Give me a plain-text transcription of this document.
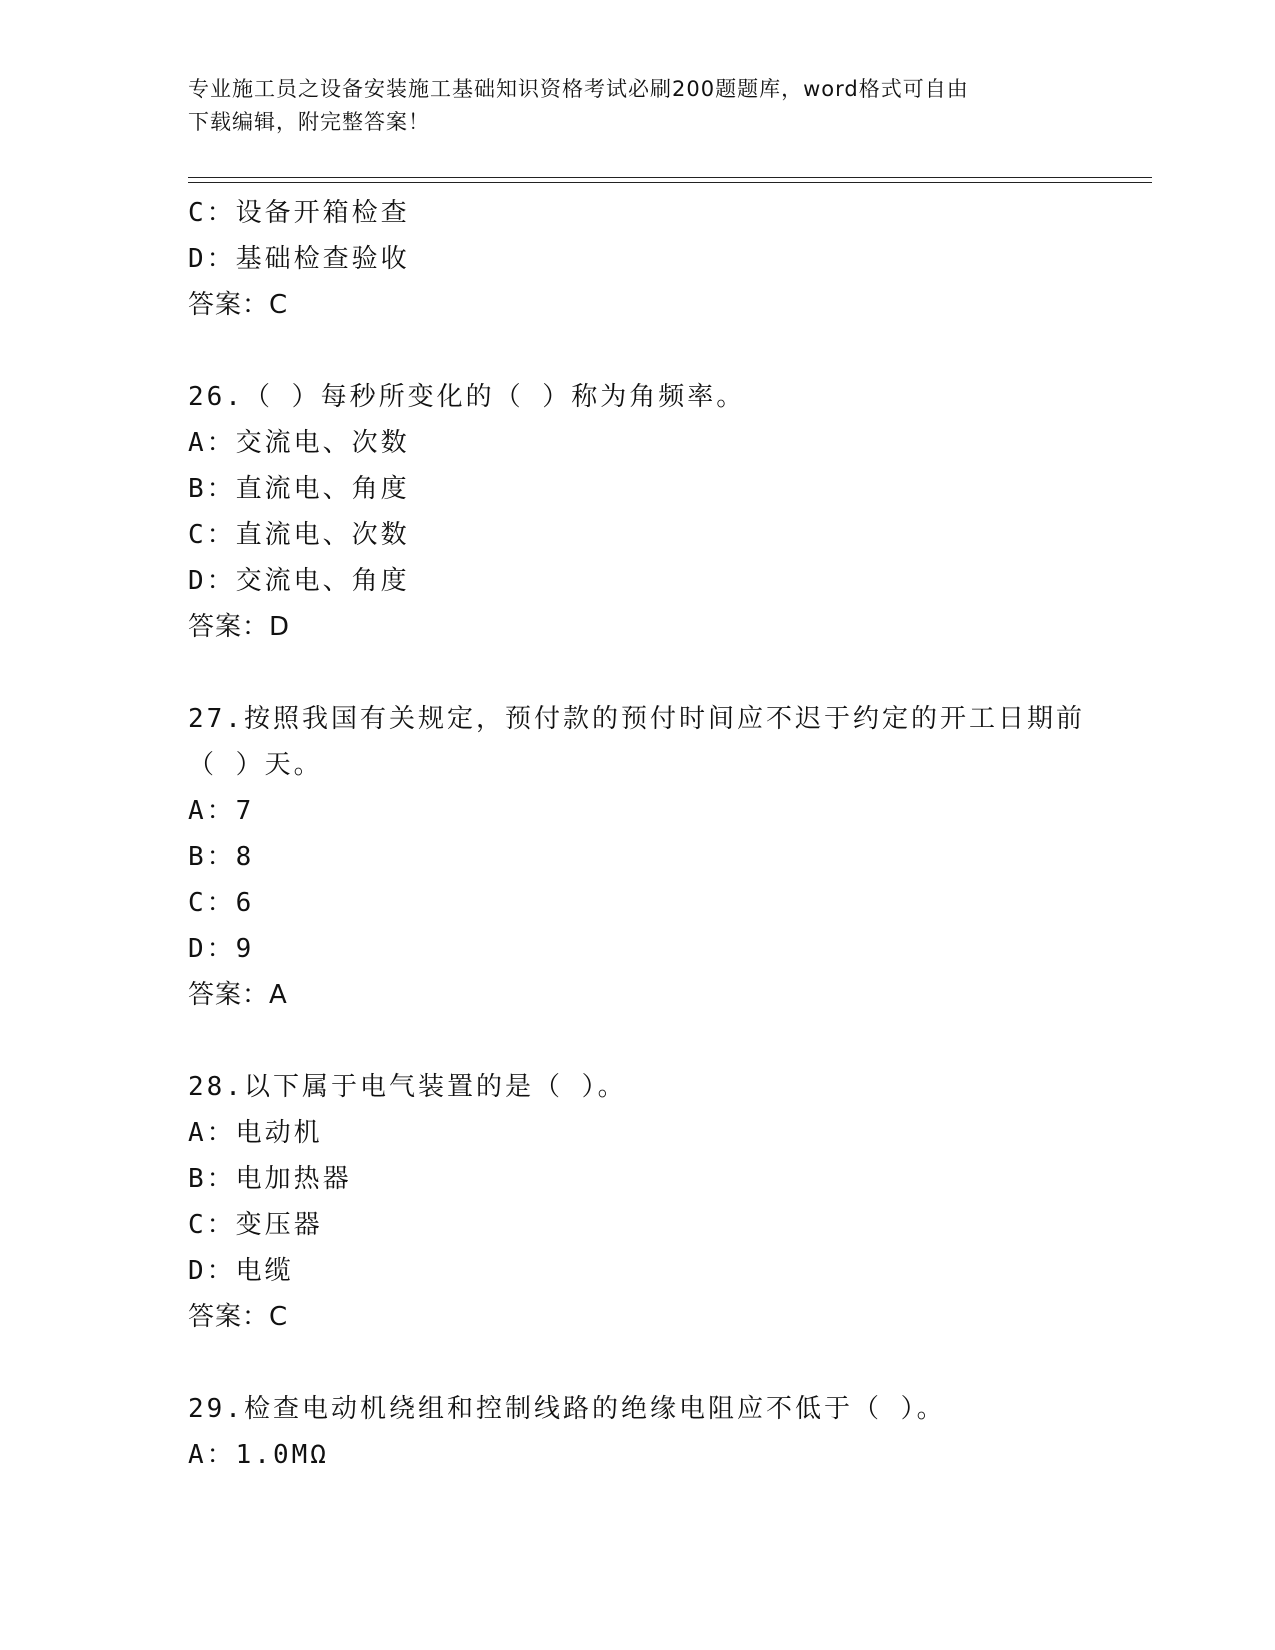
专业施工员之设备安装施工基础知识资格考试必刷200题题库，word格式可自由
下载编辑，附完整答案！
C：设备开箱检查
D：基础检查验收
答案：C
26.（ ）每秒所变化的（ ）称为角频率。
A：交流电、次数
B：直流电、角度
C：直流电、次数
D：交流电、角度
答案：D
27.按照我国有关规定，预付款的预付时间应不迟于约定的开工日期前
（ ）天。
A：7
B：8
C：6
D：9
答案：A
28.以下属于电气装置的是（ ）。
A：电动机
B：电加热器
C：变压器
D：电缆
答案：C
29.检查电动机绕组和控制线路的绝缘电阻应不低于（ ）。
A：1.0MΩ
